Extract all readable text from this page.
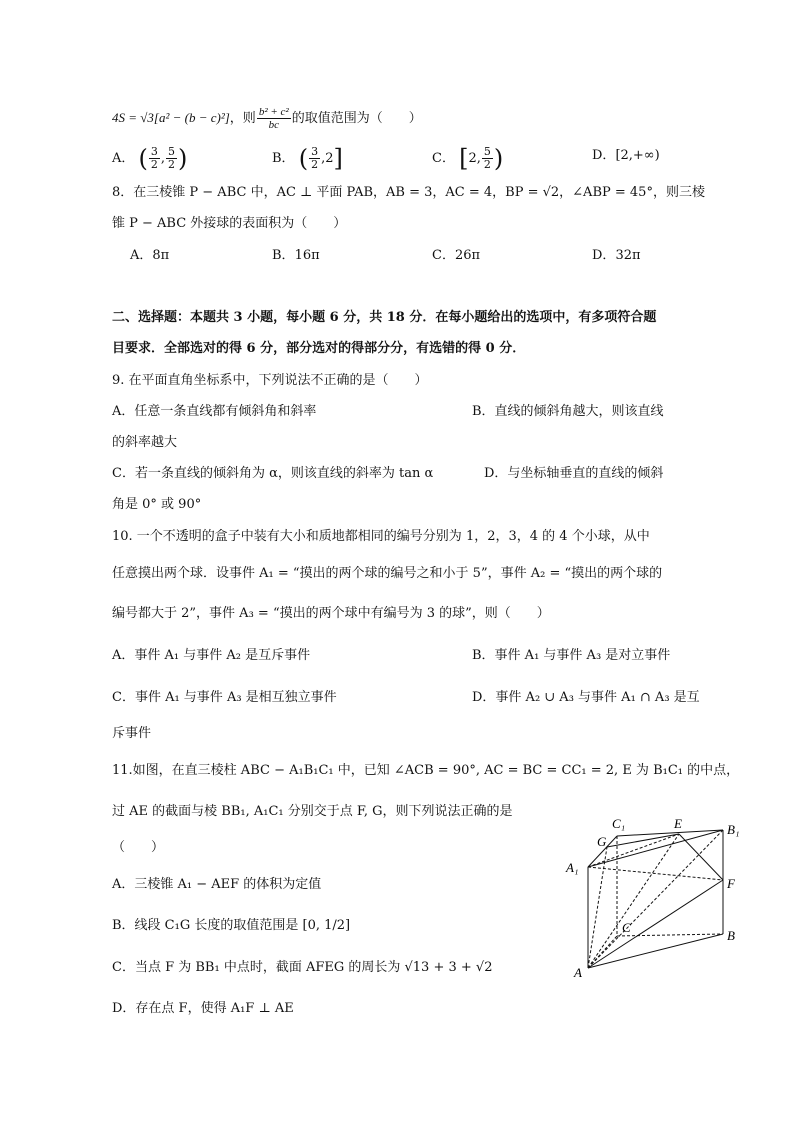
4S = √3[a² − (b − c)²]，则 $\frac{\text{b² + c²}}{bc}$ 的取值范围为（　　）
A． ( $\frac{3}{2}$ , $\frac{5}{2}$ )	B． ( $\frac{3}{2} ,2$]	C． [2, $\frac{5}{2}$ )	D．[2,+∞)
8．在三棱锥 P − ABC 中，AC ⊥ 平面 PAB，AB = 3，AC = 4，BP = √2，∠ABP = 45°，则三棱
锥 P − ABC 外接球的表面积为（　　）
A．8π	B．16π	C．26π	D．32π
二、选择题：本题共 3 小题，每小题 6 分，共 18 分．在每小题给出的选项中，有多项符合题
目要求．全部选对的得 6 分，部分选对的得部分分，有选错的得 0 分．
9. 在平面直角坐标系中，下列说法不正确的是（　　）
A．任意一条直线都有倾斜角和斜率	B．直线的倾斜角越大，则该直线
的斜率越大
C．若一条直线的倾斜角为 α，则该直线的斜率为 tan α	D．与坐标轴垂直的直线的倾斜
角是 0° 或 90°
10. 一个不透明的盒子中装有大小和质地都相同的编号分别为 1，2，3，4 的 4 个小球，从中
任意摸出两个球．设事件 A₁ = “摸出的两个球的编号之和小于 5”，事件 A₂ = “摸出的两个球的
编号都大于 2”，事件 A₃ = “摸出的两个球中有编号为 3 的球”，则（　　）
A．事件 A₁ 与事件 A₂ 是互斥事件	B．事件 A₁ 与事件 A₃ 是对立事件
C．事件 A₁ 与事件 A₃ 是相互独立事件	D．事件 A₂ ∪ A₃ 与事件 A₁ ∩ A₃ 是互
斥事件
11.如图，在直三棱柱 ABC − A₁B₁C₁ 中，已知 ∠ACB = 90°, AC = BC = CC₁ = 2, E 为 B₁C₁ 的中点，
过 AE 的截面与棱 BB₁, A₁C₁ 分别交于点 F, G，则下列说法正确的是
（　　）
A．三棱锥 A₁ − AEF 的体积为定值
B．线段 C₁G 长度的取值范围是 [0, 1/2]
C．当点 F 为 BB₁ 中点时，截面 AFEG 的周长为 √13 + 3 + √2
D．存在点 F，使得 A₁F ⊥ AE
C₁	E	B₁
G
A₁
F
C
B
A
